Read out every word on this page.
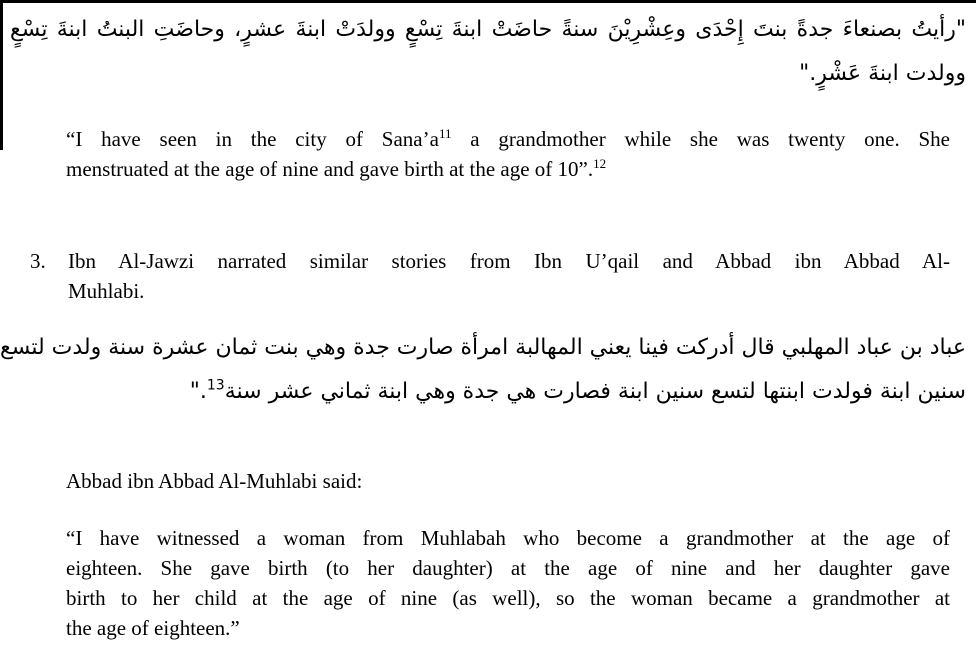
"رأيتُ بصنعاءَ جدةً بنتَ إِحْدَى وعِشْرِيْنَ سنةً حاضَتْ ابنةَ تِسْعٍ وولدَتْ ابنةَ عشرٍ، وحاضَتِ البنتُ ابنةَ تِسْعٍ
وولدت ابنةَ عَشْرٍ."
“I have seen in the city of $Sana’a^{11}$ a grandmother while she was twenty one. She
menstruated at the age of nine and gave birth at the age of 10”.$^{12}$
3. Ibn Al-Jawzi narrated similar stories from Ibn U’qail and Abbad ibn Abbad Al-
Muhlabi.
عباد بن عباد المهلبي قال أدركت فينا يعني المهالبة امرأة صارت جدة وهي بنت ثمان عشرة سنة ولدت لتسع
سنين ابنة فولدت ابنتها لتسع سنين ابنة فصارت هي جدة وهي ابنة ثماني عشر سنة$^{13}$."
Abbad ibn Abbad Al-Muhlabi said:
“I have witnessed a woman from Muhlabah who become a grandmother at the age of
eighteen. She gave birth (to her daughter) at the age of nine and her daughter gave
birth to her child at the age of nine (as well), so the woman became a grandmother at
the age of eighteen.”
